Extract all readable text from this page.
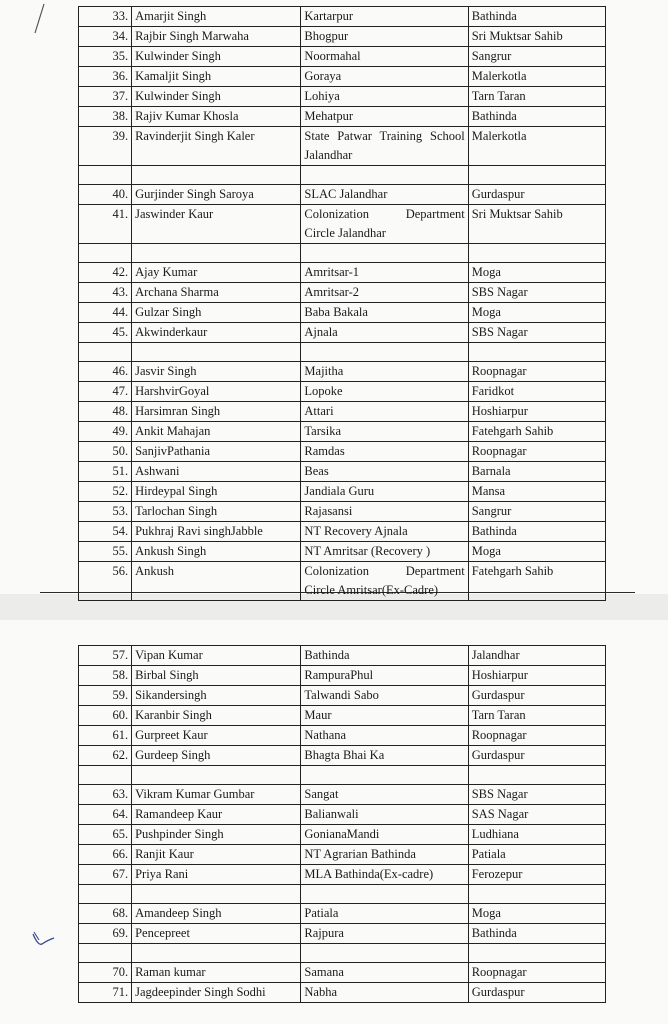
33.	Amarjit Singh	Kartarpur	Bathinda
34.	Rajbir Singh Marwaha	Bhogpur	Sri Muktsar Sahib
35.	Kulwinder Singh	Noormahal	Sangrur
36.	Kamaljit Singh	Goraya	Malerkotla
37.	Kulwinder Singh	Lohiya	Tarn Taran
38.	Rajiv Kumar Khosla	Mehatpur	Bathinda
39.	Ravinderjit Singh Kaler	State Patwar Training School Jalandhar	Malerkotla

40.	Gurjinder Singh Saroya	SLAC Jalandhar	Gurdaspur
41.	Jaswinder Kaur	Colonization Department Circle Jalandhar	Sri Muktsar Sahib

42.	Ajay Kumar	Amritsar-1	Moga
43.	Archana Sharma	Amritsar-2	SBS Nagar
44.	Gulzar Singh	Baba Bakala	Moga
45.	Akwinderkaur	Ajnala	SBS Nagar

46.	Jasvir Singh	Majitha	Roopnagar
47.	HarshvirGoyal	Lopoke	Faridkot
48.	Harsimran Singh	Attari	Hoshiarpur
49.	Ankit Mahajan	Tarsika	Fatehgarh Sahib
50.	SanjivPathania	Ramdas	Roopnagar
51.	Ashwani	Beas	Barnala
52.	Hirdeypal Singh	Jandiala Guru	Mansa
53.	Tarlochan Singh	Rajasansi	Sangrur
54.	Pukhraj Ravi singhJabble	NT Recovery Ajnala	Bathinda
55.	Ankush Singh	NT Amritsar (Recovery )	Moga
56.	Ankush	Colonization Department Circle Amritsar(Ex-Cadre)	Fatehgarh Sahib
57.	Vipan Kumar	Bathinda	Jalandhar
58.	Birbal Singh	RampuraPhul	Hoshiarpur
59.	Sikandersingh	Talwandi Sabo	Gurdaspur
60.	Karanbir Singh	Maur	Tarn Taran
61.	Gurpreet Kaur	Nathana	Roopnagar
62.	Gurdeep Singh	Bhagta Bhai Ka	Gurdaspur

63.	Vikram Kumar Gumbar	Sangat	SBS Nagar
64.	Ramandeep Kaur	Balianwali	SAS Nagar
65.	Pushpinder Singh	GonianaMandi	Ludhiana
66.	Ranjit Kaur	NT Agrarian Bathinda	Patiala
67.	Priya Rani	MLA Bathinda(Ex-cadre)	Ferozepur

68.	Amandeep Singh	Patiala	Moga
69.	Pencepreet	Rajpura	Bathinda

70.	Raman kumar	Samana	Roopnagar
71.	Jagdeepinder Singh Sodhi	Nabha	Gurdaspur
